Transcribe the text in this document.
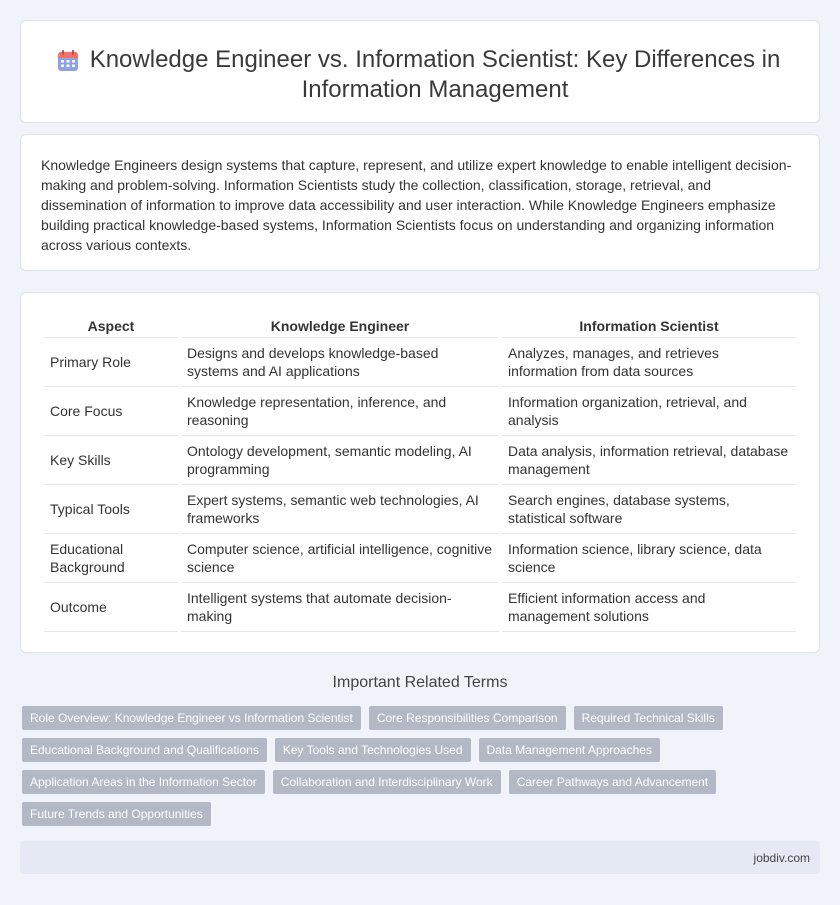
Knowledge Engineer vs. Information Scientist: Key Differences in Information Management

Knowledge Engineers design systems that capture, represent, and utilize expert knowledge to enable intelligent decision-making and problem-solving. Information Scientists study the collection, classification, storage, retrieval, and dissemination of information to improve data accessibility and user interaction. While Knowledge Engineers emphasize building practical knowledge-based systems, Information Scientists focus on understanding and organizing information across various contexts.

Aspect	Knowledge Engineer	Information Scientist
Primary Role	Designs and develops knowledge-based systems and AI applications	Analyzes, manages, and retrieves information from data sources
Core Focus	Knowledge representation, inference, and reasoning	Information organization, retrieval, and analysis
Key Skills	Ontology development, semantic modeling, AI programming	Data analysis, information retrieval, database management
Typical Tools	Expert systems, semantic web technologies, AI frameworks	Search engines, database systems, statistical software
Educational Background	Computer science, artificial intelligence, cognitive science	Information science, library science, data science
Outcome	Intelligent systems that automate decision-making	Efficient information access and management solutions
Important Related Terms
Role Overview: Knowledge Engineer vs Information Scientist	Core Responsibilities Comparison	Required Technical Skills
Educational Background and Qualifications	Key Tools and Technologies Used	Data Management Approaches
Application Areas in the Information Sector	Collaboration and Interdisciplinary Work	Career Pathways and Advancement
Future Trends and Opportunities
jobdiv.com
